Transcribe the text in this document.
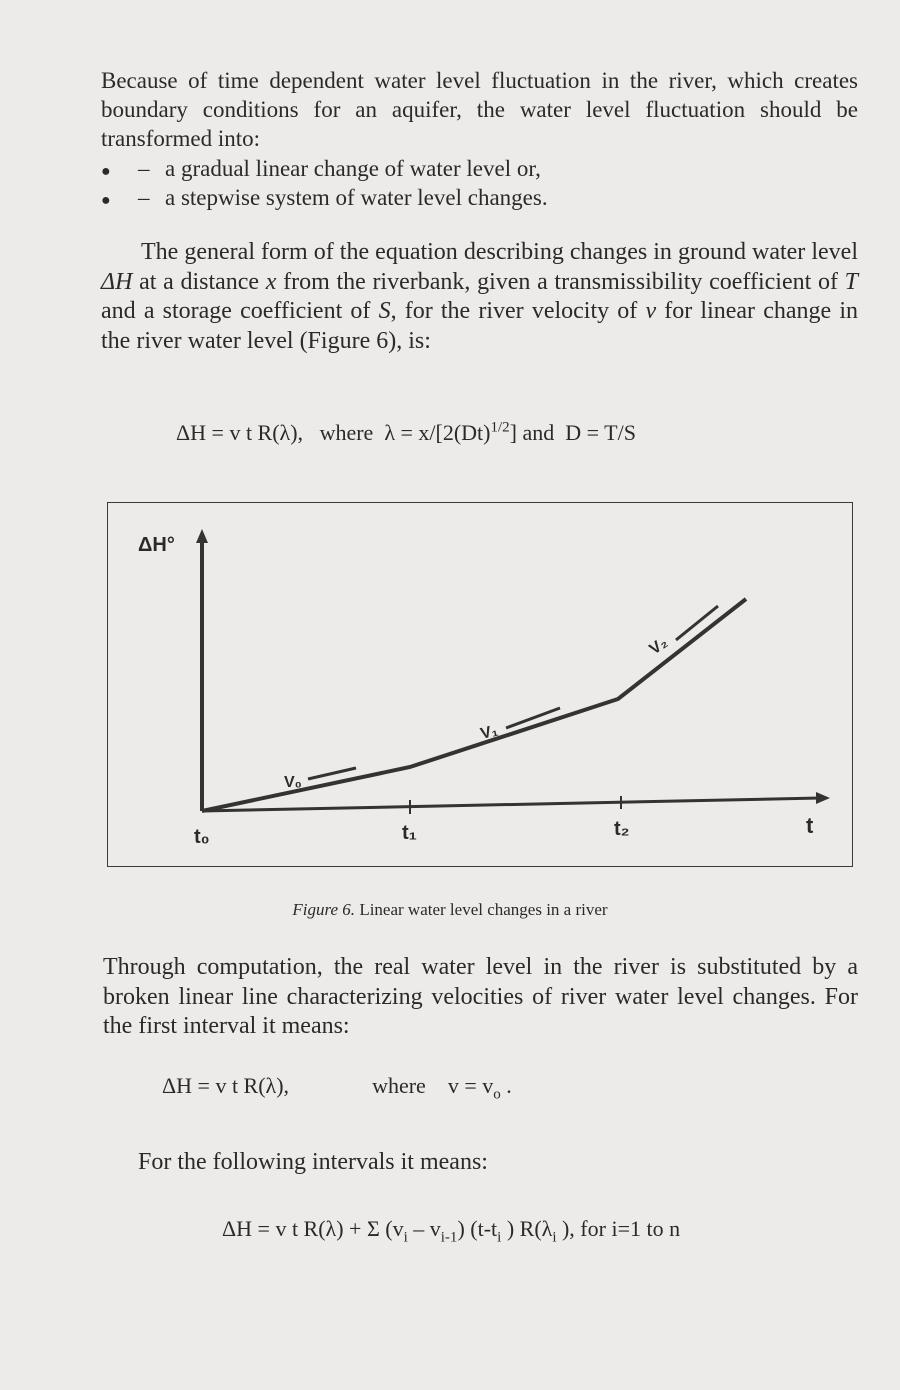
Because of time dependent water level fluctuation in the river, which creates boundary conditions for an aquifer, the water level fluctuation should be transformed into:

●	– a gradual linear change of water level or,
●	– a stepwise system of water level changes.

The general form of the equation describing changes in ground water level ΔH at a distance x from the riverbank, given a transmissibility coefficient of T and a storage coefficient of S, for the river velocity of v for linear change in the river water level (Figure 6), is:

ΔH = v t R(λ), where $\lambda = x/[2(Dt)^{1/2}]$ and D = T/S
ΔH°
t
t₀	t₁	t₂
V₀
V₁
V₂
Figure 6. Linear water level changes in a river

Through computation, the real water level in the river is substituted by a broken linear line characterizing velocities of river water level changes. For the first interval it means:

ΔH = v t R(λ),	where $v = v_o$ .

For the following intervals it means:

ΔH = v t R(λ) + Σ $(v_i - v_{i-1})$ ($t-t_i$ ) $R(\lambda_i$ ), for i=1 to n
